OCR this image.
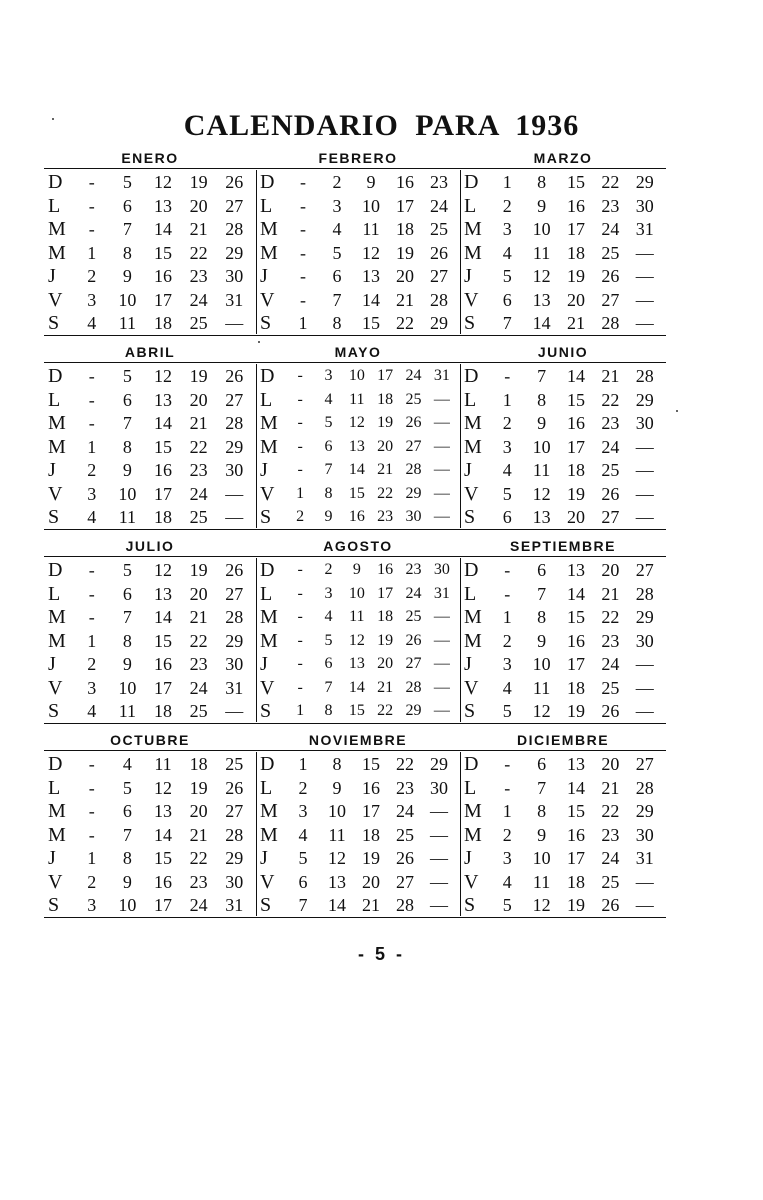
CALENDARIO PARA 1936
ENERO
D	-	5	12 19 26
L	-	6	13 20 27
M	-	7	14 21 28
M	1	8	15 22 29
J	2	9	16 23 30
V	3	10 17 24 31
S	4	11 18 25 —
FEBRERO
D	-	2	9	16 23
L	-	3	10 17 24
M	-	4	11 18 25
M	-	5	12 19 26
J	-	6	13 20 27
V	-	7	14 21 28
S	1	8	15 22 29
MARZO
D	1	8	15 22 29
L	2	9	16 23 30
M	3	10 17 24 31
M	4	11 18 25 —
J	5	12 19 26 —
V	6	13 20 27 —
S	7	14 21 28 —
ABRIL
D	-	5	12 19 26
L	-	6	13 20 27
M	-	7	14 21 28
M	1	8	15 22 29
J	2	9	16 23 30
V	3	10 17 24 —
S	4	11 18 25 —
MAYO
D	-	3	10 17 24 31
L	-	4	11 18 25 —
M	-	5	12 19 26 —
M	-	6	13 20 27 —
J	-	7	14 21 28 —
V	1	8	15 22 29 —
S	2	9	16 23 30 —
JUNIO
D	-	7	14 21 28
L	1	8	15 22 29
M	2	9	16 23 30
M	3	10 17 24 —
J	4	11 18 25 —
V	5	12 19 26 —
S	6	13 20 27 —
JULIO
D	-	5	12 19 26
L	-	6	13 20 27
M	-	7	14 21 28
M	1	8	15 22 29
J	2	9	16 23 30
V	3	10 17 24 31
S	4	11 18 25 —
AGOSTO
D	-	2	9	16 23 30
L	-	3	10 17 24 31
M	-	4	11 18 25 —
M	-	5	12 19 26 —
J	-	6	13 20 27 —
V	-	7	14 21 28 —
S	1	8	15 22 29 —
SEPTIEMBRE
D	-	6	13 20 27
L	-	7	14 21 28
M	1	8	15 22 29
M	2	9	16 23 30
J	3	10 17 24 —
V	4	11 18 25 —
S	5	12 19 26 —
OCTUBRE
D	-	4	11 18 25
L	-	5	12 19 26
M	-	6	13 20 27
M	-	7	14 21 28
J	1	8	15 22 29
V	2	9	16 23 30
S	3	10 17 24 31
NOVIEMBRE
D	1	8	15 22 29
L	2	9	16 23 30
M	3	10 17 24 —
M	4	11 18 25 —
J	5	12 19 26 —
V	6	13 20 27 —
S	7	14 21 28 —
DICIEMBRE
D	-	6	13 20 27
L	-	7	14 21 28
M	1	8	15 22 29
M	2	9	16 23 30
J	3	10 17 24 31
V	4	11 18 25 —
S	5	12 19 26 —
- 5 -
